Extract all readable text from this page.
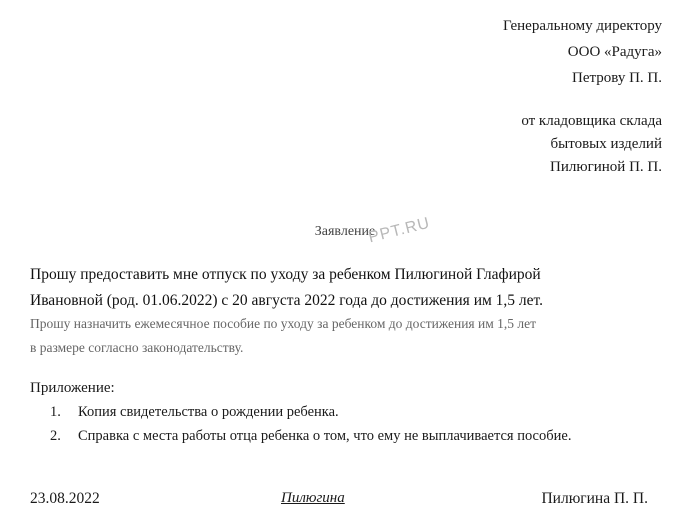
Генеральному директору
ООО «Радуга»
Петрову П. П.
от кладовщика склада
бытовых изделий
Пилюгиной П. П.
Заявление
PPT.RU
Прошу предоставить мне отпуск по уходу за ребенком Пилюгиной Глафирой
Ивановной (род. 01.06.2022) с 20 августа 2022 года до достижения им 1,5 лет.
Прошу назначить ежемесячное пособие по уходу за ребенком до достижения им 1,5 лет
в размере согласно законодательству.
Приложение:
1. Копия свидетельства о рождении ребенка.
2. Справка с места работы отца ребенка о том, что ему не выплачивается пособие.
23.08.2022	Пилюгина	Пилюгина П. П.
